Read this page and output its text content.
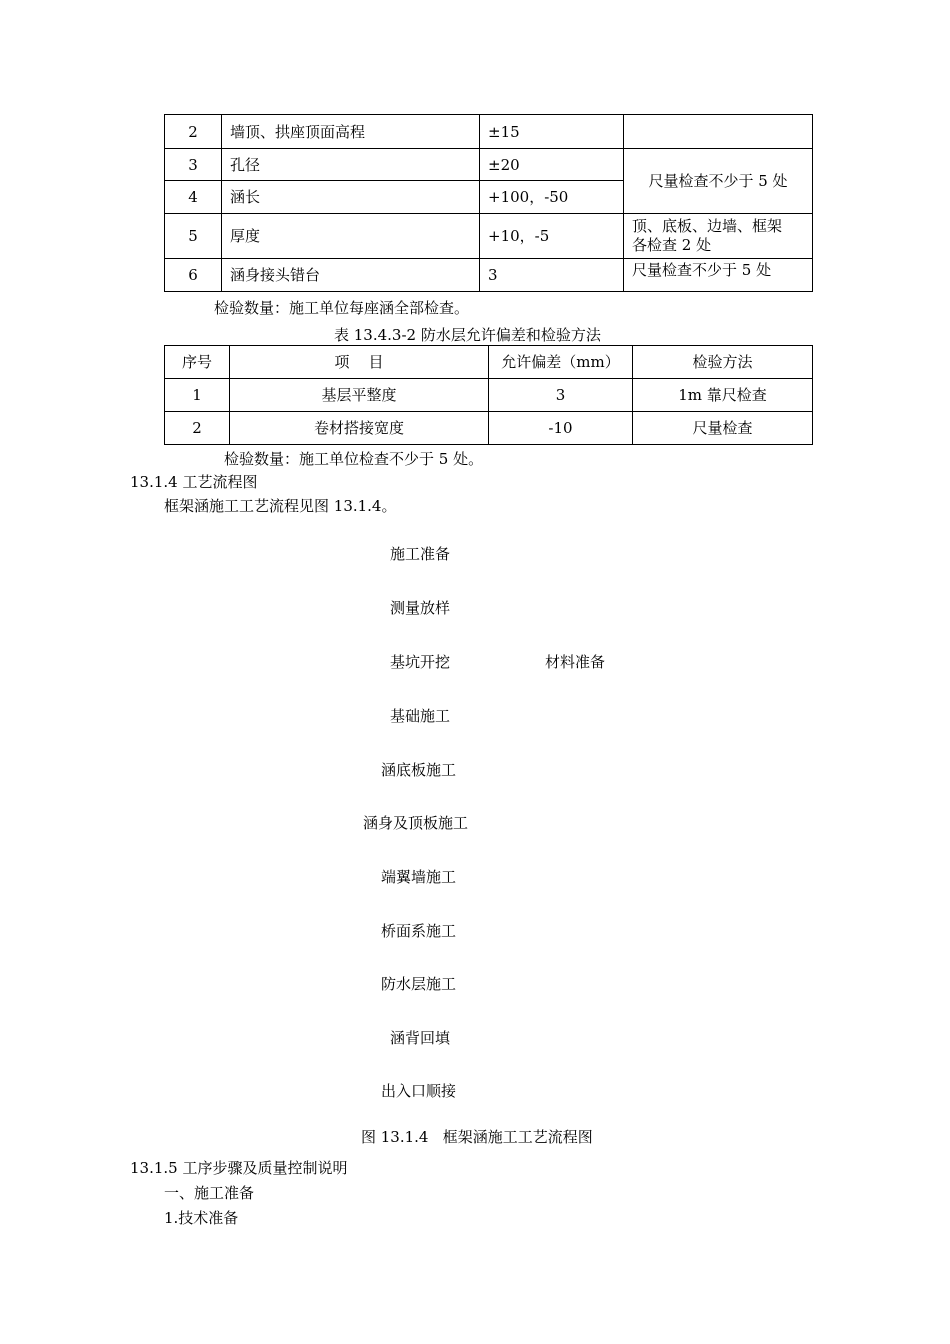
2	墙顶、拱座顶面高程	±15	
3	孔径	±20	尺量检查不少于 5 处
4	涵长	+100，-50	
5	厚度	+10，-5	顶、底板、边墙、框架
各检查 2 处

6	涵身接头错台	3	尺量检查不少于 5 处
检验数量：施工单位每座涵全部检查。
表 13.4.3-2 防水层允许偏差和检验方法
序号	项    目	允许偏差（mm）	检验方法
1	基层平整度	3	1m 靠尺检查
2	卷材搭接宽度	-10	尺量检查
检验数量：施工单位检查不少于 5 处。
13.1.4 工艺流程图
框架涵施工工艺流程见图 13.1.4。
施工准备
测量放样
基坑开挖	材料准备
基础施工
涵底板施工
涵身及顶板施工
端翼墙施工
桥面系施工
防水层施工
涵背回填
出入口顺接
图 13.1.4   框架涵施工工艺流程图
13.1.5 工序步骤及质量控制说明
一、施工准备
1.技术准备
